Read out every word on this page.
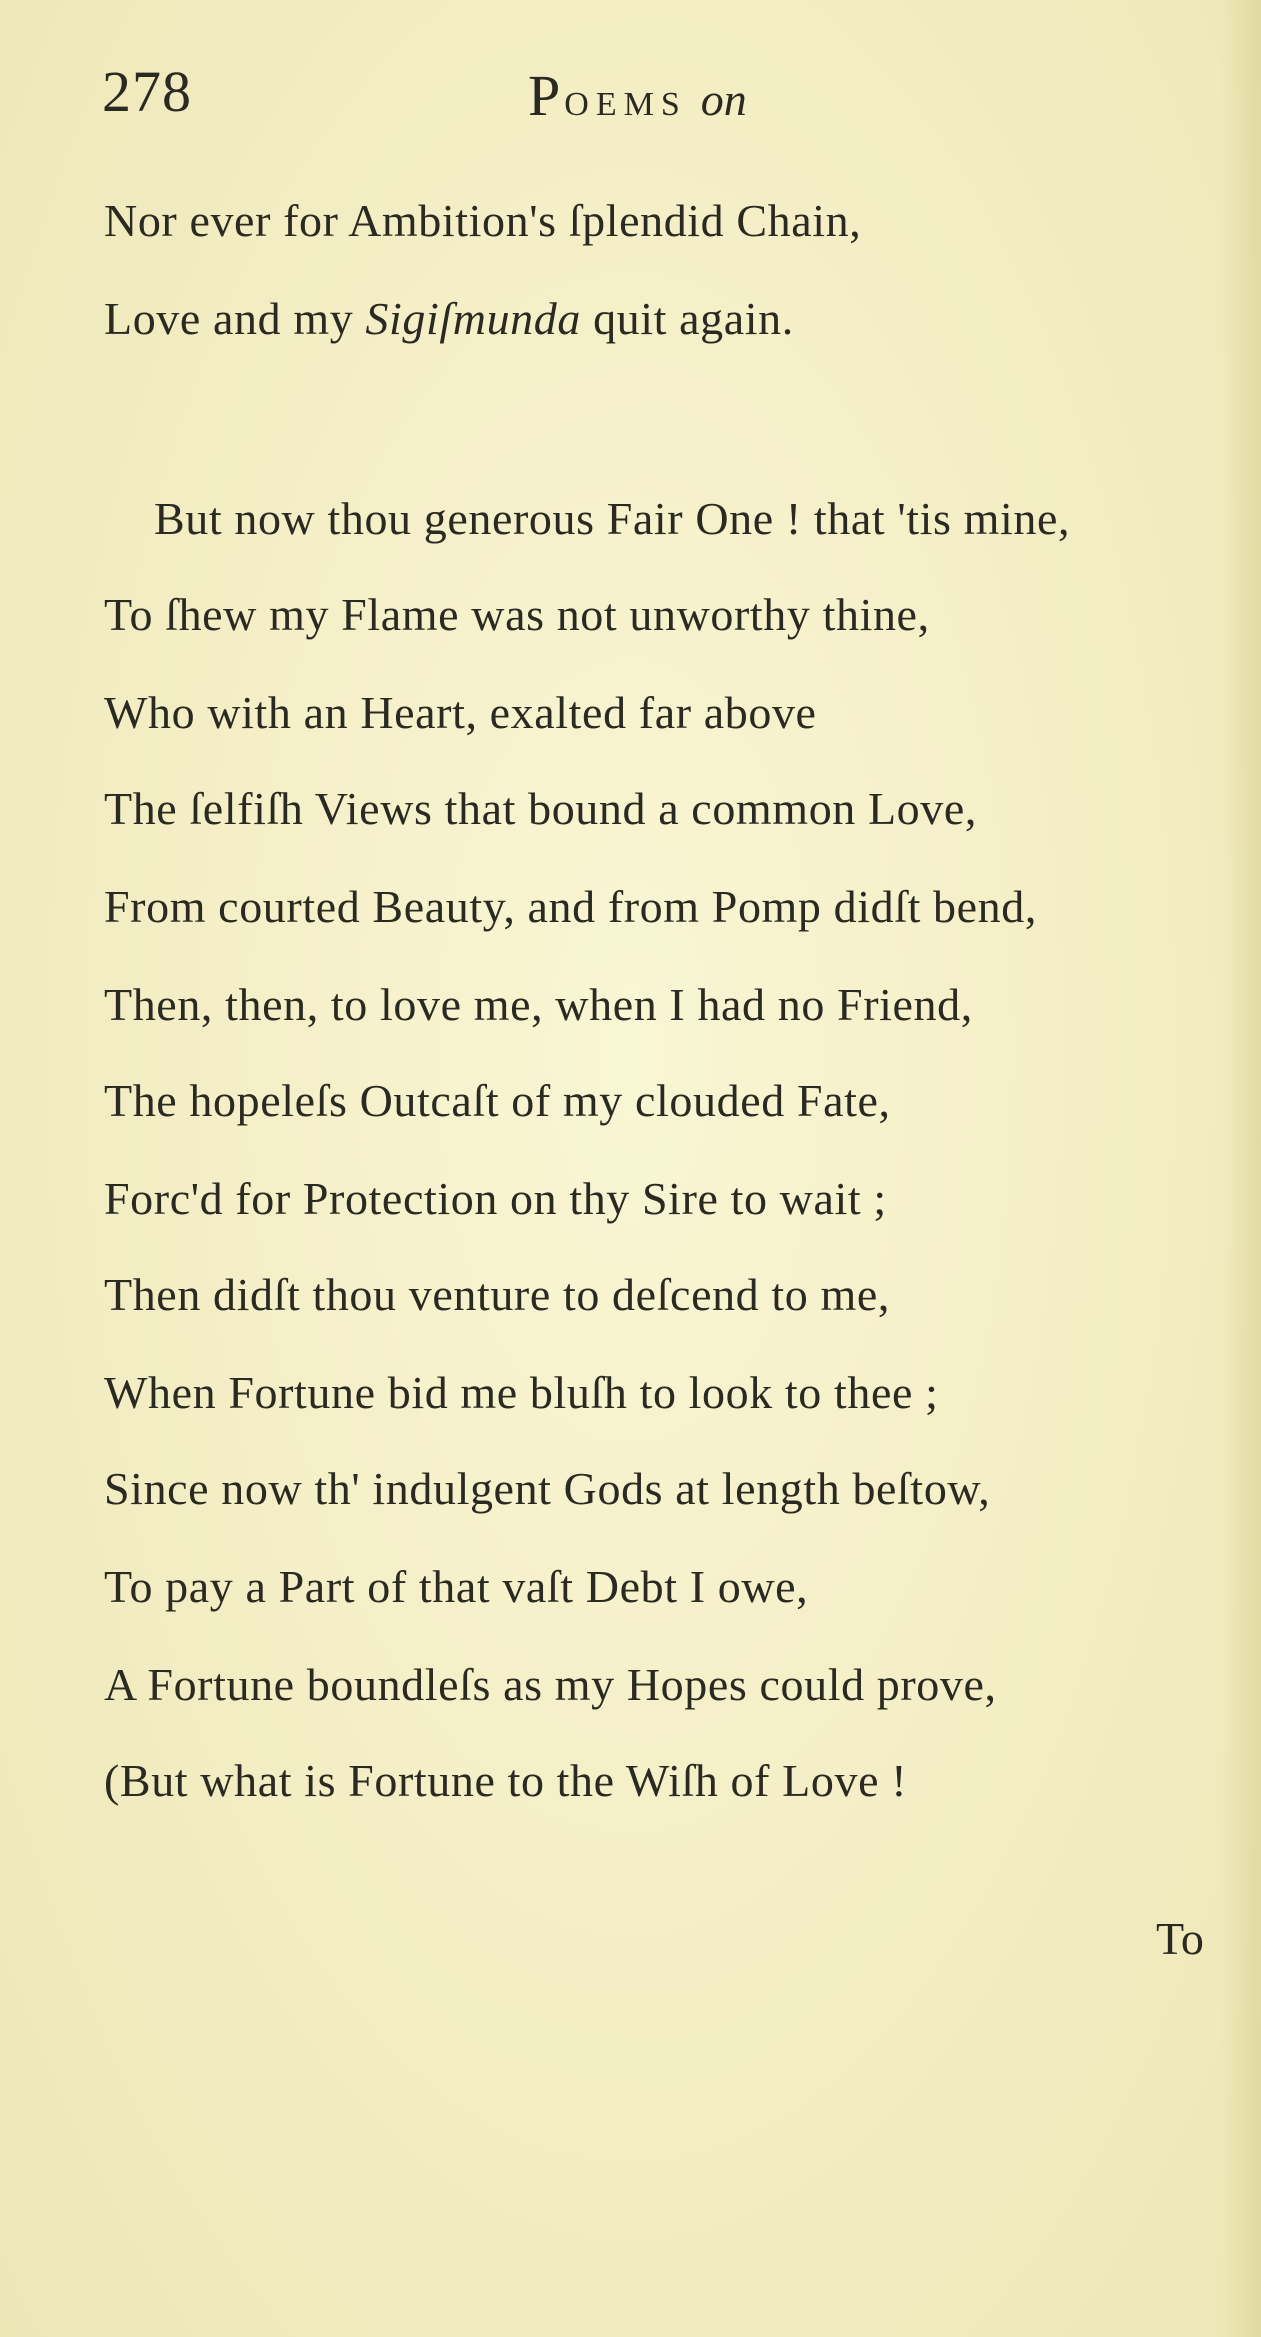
278	Poems on
Nor ever for Ambition's ſplendid Chain,
Love and my Sigiſmunda quit again.
But now thou generous Fair One ! that 'tis mine,
To ſhew my Flame was not unworthy thine,
Who with an Heart, exalted far above
The ſelfiſh Views that bound a common Love,
From courted Beauty, and from Pomp didſt bend,
Then, then, to love me, when I had no Friend,
The hopeleſs Outcaſt of my clouded Fate,
Forc'd for Protection on thy Sire to wait ;
Then didſt thou venture to deſcend to me,
When Fortune bid me bluſh to look to thee ;
Since now th' indulgent Gods at length beſtow,
To pay a Part of that vaſt Debt I owe,
A Fortune boundleſs as my Hopes could prove,
(But what is Fortune to the Wiſh of Love !
To
